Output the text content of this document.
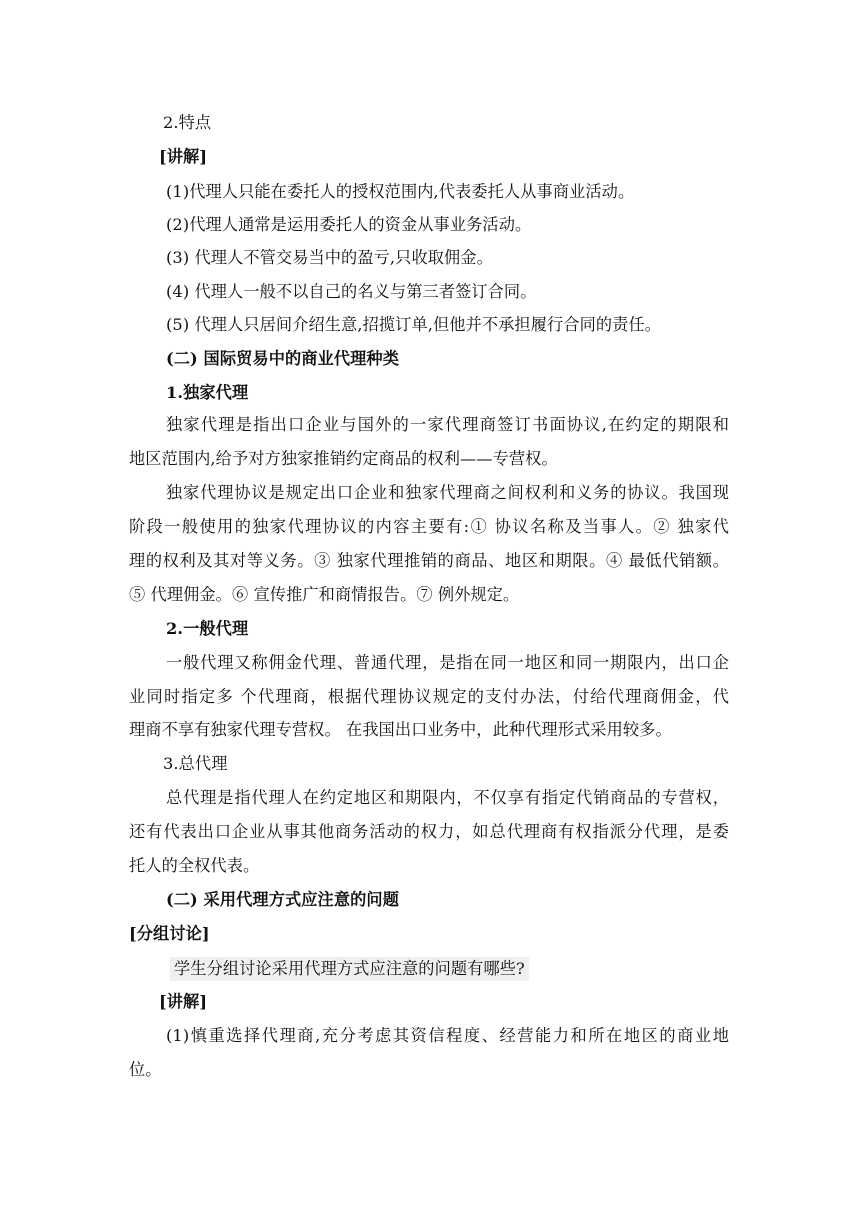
2.特点
[讲解]
(1)代理人只能在委托人的授权范围内,代表委托人从事商业活动。
(2)代理人通常是运用委托人的资金从事业务活动。
(3) 代理人不管交易当中的盈亏,只收取佣金。
(4) 代理人一般不以自己的名义与第三者签订合同。
(5) 代理人只居间介绍生意,招揽订单,但他并不承担履行合同的责任。
(二) 国际贸易中的商业代理种类
1.独家代理
独家代理是指出口企业与国外的一家代理商签订书面协议,在约定的期限和
地区范围内,给予对方独家推销约定商品的权利——专营权。
独家代理协议是规定出口企业和独家代理商之间权利和义务的协议。我国现
阶段一般使用的独家代理协议的内容主要有:① 协议名称及当事人。② 独家代
理的权利及其对等义务。③ 独家代理推销的商品、地区和期限。④ 最低代销额。
⑤ 代理佣金。⑥ 宣传推广和商情报告。⑦ 例外规定。
2.一般代理
一般代理又称佣金代理、普通代理，是指在同一地区和同一期限内，出口企
业同时指定多 个代理商，根据代理协议规定的支付办法，付给代理商佣金，代
理商不享有独家代理专营权。 在我国出口业务中，此种代理形式采用较多。
3.总代理
总代理是指代理人在约定地区和期限内，不仅享有指定代销商品的专营权，
还有代表出口企业从事其他商务活动的权力，如总代理商有权指派分代理，是委
托人的全权代表。
(二) 采用代理方式应注意的问题
[分组讨论]
学生分组讨论采用代理方式应注意的问题有哪些?
[讲解]
(1)慎重选择代理商,充分考虑其资信程度、经营能力和所在地区的商业地
位。
